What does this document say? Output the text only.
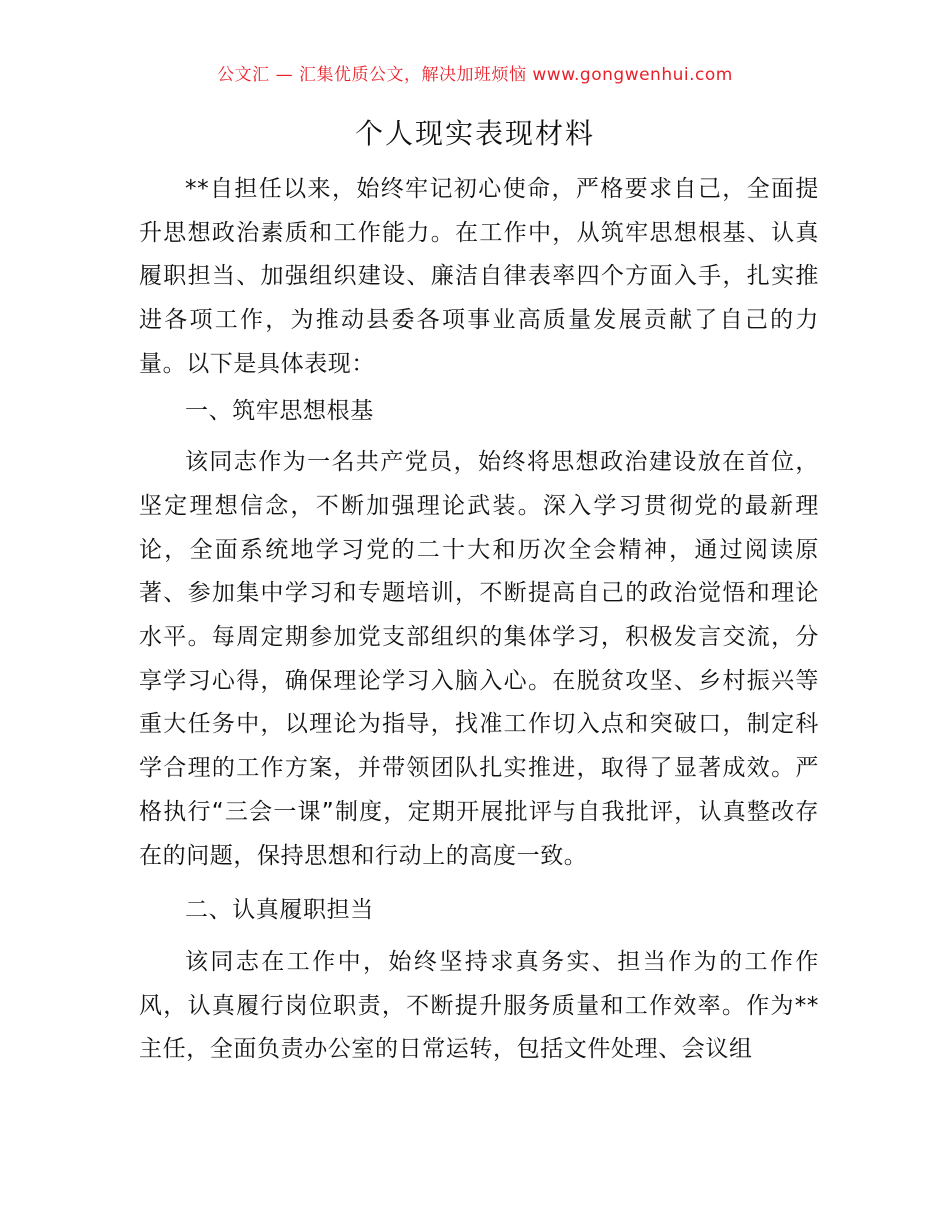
公文汇 — 汇集优质公文，解决加班烦恼 www.gongwenhui.com
个人现实表现材料

**自担任以来，始终牢记初心使命，严格要求自己，全面提升思想政治素质和工作能力。在工作中，从筑牢思想根基、认真履职担当、加强组织建设、廉洁自律表率四个方面入手，扎实推进各项工作，为推动县委各项事业高质量发展贡献了自己的力量。以下是具体表现：

一、筑牢思想根基

该同志作为一名共产党员，始终将思想政治建设放在首位，坚定理想信念，不断加强理论武装。深入学习贯彻党的最新理论，全面系统地学习党的二十大和历次全会精神，通过阅读原著、参加集中学习和专题培训，不断提高自己的政治觉悟和理论水平。每周定期参加党支部组织的集体学习，积极发言交流，分享学习心得，确保理论学习入脑入心。在脱贫攻坚、乡村振兴等重大任务中，以理论为指导，找准工作切入点和突破口，制定科学合理的工作方案，并带领团队扎实推进，取得了显著成效。严格执行“三会一课”制度，定期开展批评与自我批评，认真整改存在的问题，保持思想和行动上的高度一致。

二、认真履职担当

该同志在工作中，始终坚持求真务实、担当作为的工作作风，认真履行岗位职责，不断提升服务质量和工作效率。作为**主任，全面负责办公室的日常运转，包括文件处理、会议组
